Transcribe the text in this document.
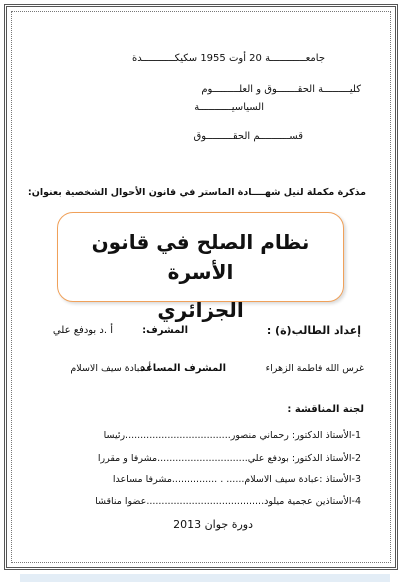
جامعــــــــــــة 20 أوت 1955 سكيكـــــــــــدة
كليـــــــــة الحقـــــــوق و العلـــــــــوم
السياسيـــــــــــة
قســــــــــم الحقـــــــــوق
مذكرة مكملة لنيل شهــــادة الماستر في قانون الأحوال الشخصية بعنوان:
نظام الصلح في قانون الأسرة
الجزائري
إعداد الطالب(ة) :
المشرف:
أ .د بودفع علي
غرس الله فاطمة الزهراء
المشرف المساعد
أ.عبادة سيف الاسلام
لجنة المناقشة :
1-الأستاذ الدكتور: رحماني منصور...................................رئيسا
2-الأستاذ الدكتور: بودفع علي..............................مشرفا و مقررا
3-الأستاذ :عبادة سيف الاسلام...... . ...............مشرفا مساعدا
4-الأستاذين عجمية ميلود.......................................عضوا مناقشا
دورة جوان 2013
